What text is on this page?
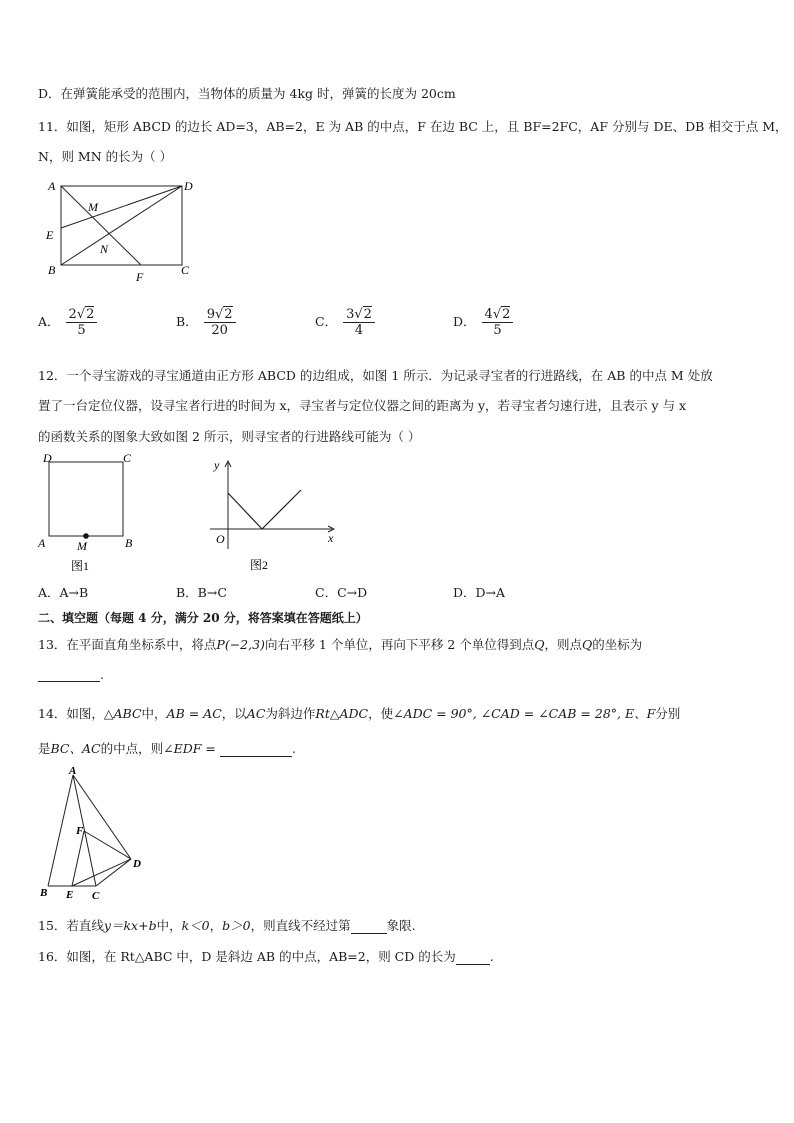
D．在弹簧能承受的范围内，当物体的质量为 4kg 时，弹簧的长度为 20cm
11．如图，矩形 ABCD 的边长 AD=3，AB=2，E 为 AB 的中点，F 在边 BC 上，且 BF=2FC，AF 分别与 DE、DB 相交于点 M，
N，则 MN 的长为（ ）
A	D
E
B	C
F
M
N
A． $\frac{2√2}{5}$	B． $\frac{9√2}{20}$	C． $\frac{3√2}{4}$	D． $\frac{4√2}{5}$
12．一个寻宝游戏的寻宝通道由正方形 ABCD 的边组成，如图 1 所示．为记录寻宝者的行进路线，在 AB 的中点 M 处放
置了一台定位仪器，设寻宝者行进的时间为 x，寻宝者与定位仪器之间的距离为 y，若寻宝者匀速行进，且表示 y 与 x
的函数关系的图象大致如图 2 所示，则寻宝者的行进路线可能为（ ）
D	C
A	B
M
图1
y
x
O
图2
A．A→B	B．B→C	C．C→D	D．D→A
二、填空题（每题 4 分，满分 20 分，将答案填在答题纸上）
13．在平面直角坐标系中，将点P(−2,3)向右平移 1 个单位，再向下平移 2 个单位得到点Q，则点Q的坐标为
.
14．如图，△ABC中，AB = AC，以AC为斜边作Rt△ADC，使∠ADC = 90°, ∠CAD = ∠CAB = 28°, E、F分别
是BC、AC的中点，则∠EDF =	.
A
F
D
B E C
15．若直线y＝kx+b中，k＜0，b＞0，则直线不经过第	象限.
16．如图，在 Rt△ABC 中，D 是斜边 AB 的中点，AB=2，则 CD 的长为	.
